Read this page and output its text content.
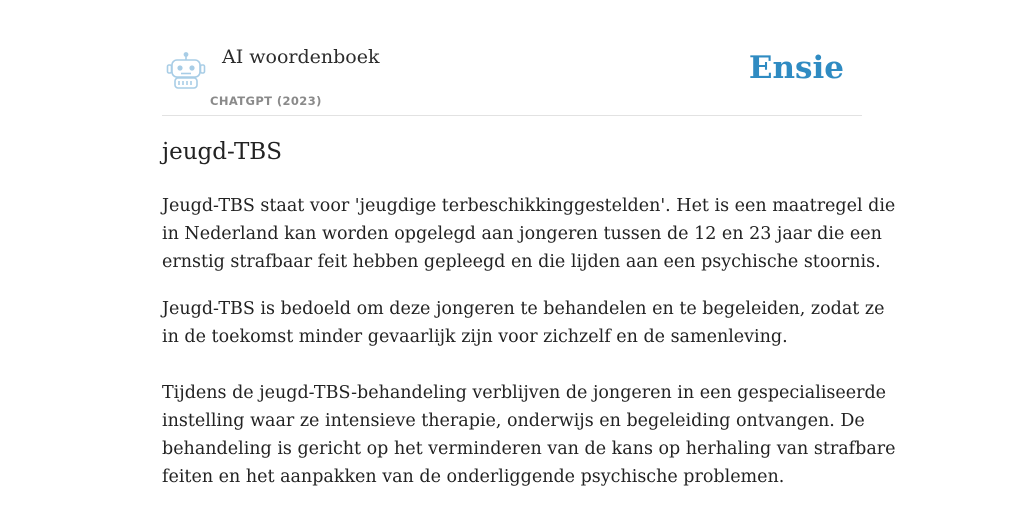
AI woordenboek
CHATGPT (2023)
Ensie
jeugd-TBS

Jeugd-TBS staat voor 'jeugdige terbeschikkinggestelden'. Het is een maatregel die

in Nederland kan worden opgelegd aan jongeren tussen de 12 en 23 jaar die een

ernstig strafbaar feit hebben gepleegd en die lijden aan een psychische stoornis.

Jeugd-TBS is bedoeld om deze jongeren te behandelen en te begeleiden, zodat ze

in de toekomst minder gevaarlijk zijn voor zichzelf en de samenleving.

Tijdens de jeugd-TBS-behandeling verblijven de jongeren in een gespecialiseerde

instelling waar ze intensieve therapie, onderwijs en begeleiding ontvangen. De

behandeling is gericht op het verminderen van de kans op herhaling van strafbare

feiten en het aanpakken van de onderliggende psychische problemen.
